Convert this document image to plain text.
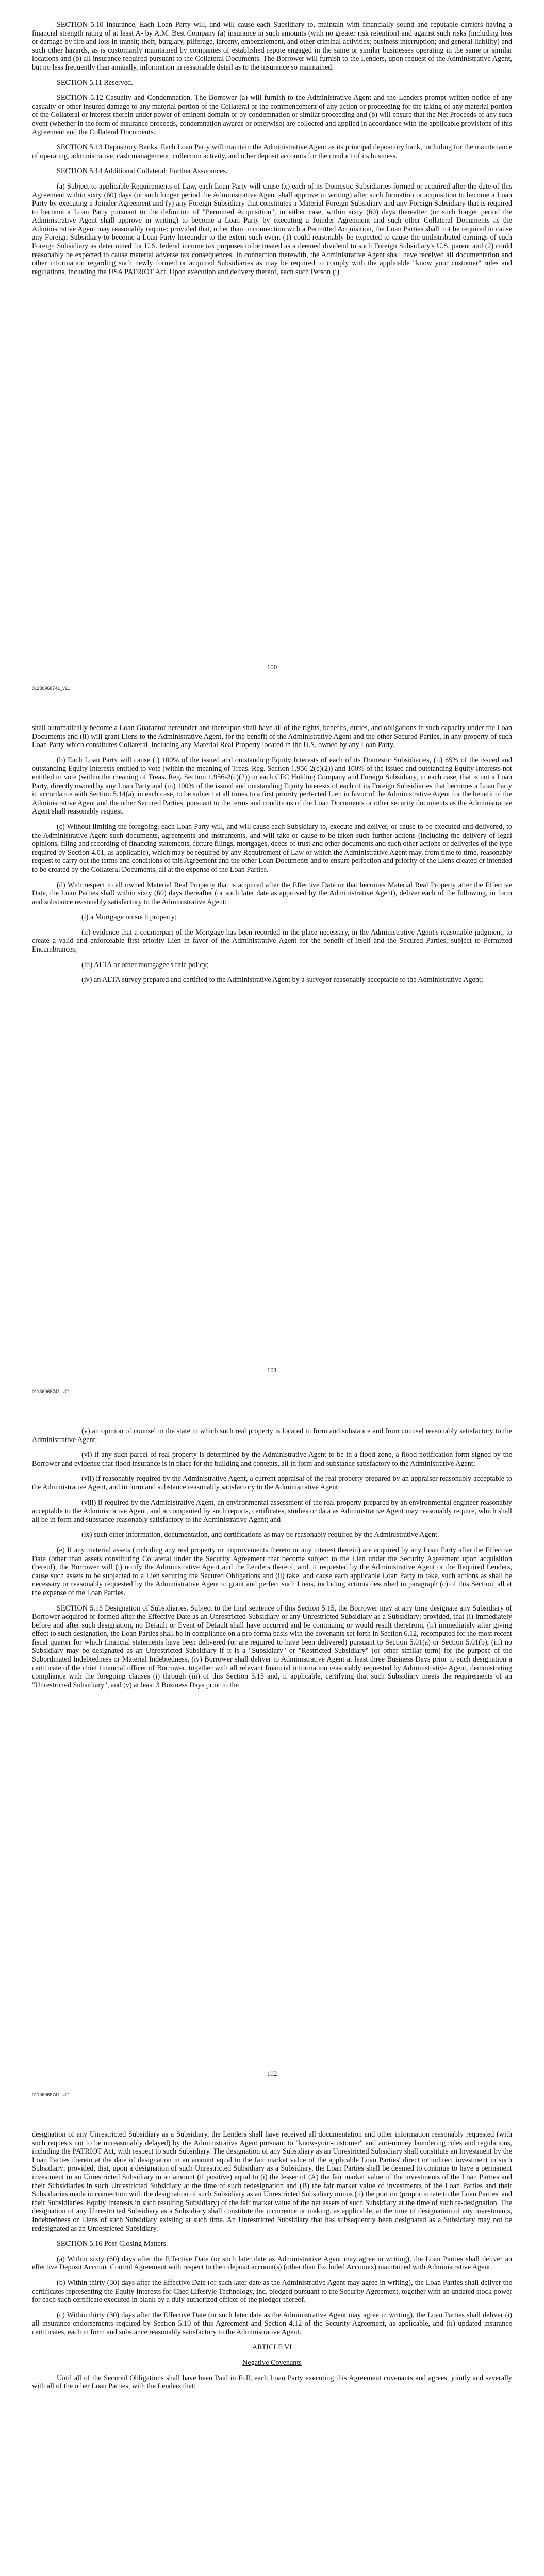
SECTION 5.10 Insurance. Each Loan Party will, and will cause each Subsidiary to, maintain with financially sound and reputable carriers having a financial strength rating of at least A- by A.M. Best Company (a) insurance in such amounts (with no greater risk retention) and against such risks (including loss or damage by fire and loss in transit; theft, burglary, pilferage, larceny, embezzlement, and other criminal activities; business interruption; and general liability) and such other hazards, as is customarily maintained by companies of established repute engaged in the same or similar businesses operating in the same or similar locations and (b) all insurance required pursuant to the Collateral Documents. The Borrower will furnish to the Lenders, upon request of the Administrative Agent, but no less frequently than annually, information in reasonable detail as to the insurance so maintained.

SECTION 5.11 Reserved.

SECTION 5.12 Casualty and Condemnation. The Borrower (a) will furnish to the Administrative Agent and the Lenders prompt written notice of any casualty or other insured damage to any material portion of the Collateral or the commencement of any action or proceeding for the taking of any material portion of the Collateral or interest therein under power of eminent domain or by condemnation or similar proceeding and (b) will ensure that the Net Proceeds of any such event (whether in the form of insurance proceeds, condemnation awards or otherwise) are collected and applied in accordance with the applicable provisions of this Agreement and the Collateral Documents.

SECTION 5.13 Depository Banks. Each Loan Party will maintain the Administrative Agent as its principal depository bank, including for the maintenance of operating, administrative, cash management, collection activity, and other deposit accounts for the conduct of its business.

SECTION 5.14 Additional Collateral; Further Assurances.

(a) Subject to applicable Requirements of Law, each Loan Party will cause (x) each of its Domestic Subsidiaries formed or acquired after the date of this Agreement within sixty (60) days (or such longer period the Administrative Agent shall approve in writing) after such formation or acquisition to become a Loan Party by executing a Joinder Agreement and (y) any Foreign Subsidiary that constitutes a Material Foreign Subsidiary and any Foreign Subsidiary that is required to become a Loan Party pursuant to the definition of "Permitted Acquisition", in either case, within sixty (60) days thereafter (or such longer period the Administrative Agent shall approve in writing) to become a Loan Party by executing a Joinder Agreement and such other Collateral Documents as the Administrative Agent may reasonably require; provided that, other than in connection with a Permitted Acquisition, the Loan Parties shall not be required to cause any Foreign Subsidiary to become a Loan Party hereunder to the extent such event (1) could reasonably be expected to cause the undistributed earnings of such Foreign Subsidiary as determined for U.S. federal income tax purposes to be treated as a deemed dividend to such Foreign Subsidiary's U.S. parent and (2) could reasonably be expected to cause material adverse tax consequences. In connection therewith, the Administrative Agent shall have received all documentation and other information regarding such newly formed or acquired Subsidiaries as may be required to comply with the applicable "know your customer" rules and regulations, including the USA PATRIOT Act. Upon execution and delivery thereof, each such Person (i)

100
01136968741_v21

shall automatically become a Loan Guarantor hereunder and thereupon shall have all of the rights, benefits, duties, and obligations in such capacity under the Loan Documents and (ii) will grant Liens to the Administrative Agent, for the benefit of the Administrative Agent and the other Secured Parties, in any property of such Loan Party which constitutes Collateral, including any Material Real Property located in the U.S. owned by any Loan Party.

(b) Each Loan Party will cause (i) 100% of the issued and outstanding Equity Interests of each of its Domestic Subsidiaries, (ii) 65% of the issued and outstanding Equity Interests entitled to vote (within the meaning of Treas. Reg. Section 1.956-2(c)(2)) and 100% of the issued and outstanding Equity Interests not entitled to vote (within the meaning of Treas. Reg. Section 1.956-2(c)(2)) in each CFC Holding Company and Foreign Subsidiary, in each case, that is not a Loan Party, directly owned by any Loan Party and (iii) 100% of the issued and outstanding Equity Interests of each of its Foreign Subsidiaries that becomes a Loan Party in accordance with Section 5.14(a), in each case, to be subject at all times to a first priority perfected Lien in favor of the Administrative Agent for the benefit of the Administrative Agent and the other Secured Parties, pursuant to the terms and conditions of the Loan Documents or other security documents as the Administrative Agent shall reasonably request.

(c) Without limiting the foregoing, each Loan Party will, and will cause each Subsidiary to, execute and deliver, or cause to be executed and delivered, to the Administrative Agent such documents, agreements and instruments, and will take or cause to be taken such further actions (including the delivery of legal opinions, filing and recording of financing statements, fixture filings, mortgages, deeds of trust and other documents and such other actions or deliveries of the type required by Section 4.01, as applicable), which may be required by any Requirement of Law or which the Administrative Agent may, from time to time, reasonably request to carry out the terms and conditions of this Agreement and the other Loan Documents and to ensure perfection and priority of the Liens created or intended to be created by the Collateral Documents, all at the expense of the Loan Parties.

(d) With respect to all owned Material Real Property that is acquired after the Effective Date or that becomes Material Real Property after the Effective Date, the Loan Parties shall within sixty (60) days thereafter (or such later date as approved by the Administrative Agent), deliver each of the following, in form and substance reasonably satisfactory to the Administrative Agent:

(i) a Mortgage on such property;

(ii) evidence that a counterpart of the Mortgage has been recorded in the place necessary, in the Administrative Agent's reasonable judgment, to create a valid and enforceable first priority Lien in favor of the Administrative Agent for the benefit of itself and the Secured Parties, subject to Permitted Encumbrances;

(iii) ALTA or other mortgagee's title policy;

(iv) an ALTA survey prepared and certified to the Administrative Agent by a surveyor reasonably acceptable to the Administrative Agent;

101
01136968741_v21

(v) an opinion of counsel in the state in which such real property is located in form and substance and from counsel reasonably satisfactory to the Administrative Agent;

(vi) if any such parcel of real property is determined by the Administrative Agent to be in a flood zone, a flood notification form signed by the Borrower and evidence that flood insurance is in place for the building and contents, all in form and substance satisfactory to the Administrative Agent;

(vii) if reasonably required by the Administrative Agent, a current appraisal of the real property prepared by an appraiser reasonably acceptable to the Administrative Agent, and in form and substance reasonably satisfactory to the Administrative Agent;

(viii) if required by the Administrative Agent, an environmental assessment of the real property prepared by an environmental engineer reasonably acceptable to the Administrative Agent, and accompanied by such reports, certificates, studies or data as Administrative Agent may reasonably require, which shall all be in form and substance reasonably satisfactory to the Administrative Agent; and

(ix) such other information, documentation, and certifications as may be reasonably required by the Administrative Agent.

(e) If any material assets (including any real property or improvements thereto or any interest therein) are acquired by any Loan Party after the Effective Date (other than assets constituting Collateral under the Security Agreement that become subject to the Lien under the Security Agreement upon acquisition thereof), the Borrower will (i) notify the Administrative Agent and the Lenders thereof, and, if requested by the Administrative Agent or the Required Lenders, cause such assets to be subjected to a Lien securing the Secured Obligations and (ii) take, and cause each applicable Loan Party to take, such actions as shall be necessary or reasonably requested by the Administrative Agent to grant and perfect such Liens, including actions described in paragraph (c) of this Section, all at the expense of the Loan Parties.

SECTION 5.15 Designation of Subsidiaries. Subject to the final sentence of this Section 5.15, the Borrower may at any time designate any Subsidiary of Borrower acquired or formed after the Effective Date as an Unrestricted Subsidiary or any Unrestricted Subsidiary as a Subsidiary; provided, that (i) immediately before and after such designation, no Default or Event of Default shall have occurred and be continuing or would result therefrom, (ii) immediately after giving effect to such designation, the Loan Parties shall be in compliance on a pro forma basis with the covenants set forth in Section 6.12, recomputed for the most recent fiscal quarter for which financial statements have been delivered (or are required to have been delivered) pursuant to Section 5.01(a) or Section 5.01(b), (iii) no Subsidiary may be designated as an Unrestricted Subsidiary if it is a "Subsidiary" or "Restricted Subsidiary" (or other similar term) for the purpose of the Subordinated Indebtedness or Material Indebtedness, (iv) Borrower shall deliver to Administrative Agent at least three Business Days prior to such designation a certificate of the chief financial officer of Borrower, together with all relevant financial information reasonably requested by Administrative Agent, demonstrating compliance with the foregoing clauses (i) through (iii) of this Section 5.15 and, if applicable, certifying that such Subsidiary meets the requirements of an "Unrestricted Subsidiary", and (v) at least 3 Business Days prior to the

102
01136968741_v21

designation of any Unrestricted Subsidiary as a Subsidiary, the Lenders shall have received all documentation and other information reasonably requested (with such requests not to be unreasonably delayed) by the Administrative Agent pursuant to "know-your-customer" and anti-money laundering rules and regulations, including the PATRIOT Act, with respect to such Subsidiary. The designation of any Subsidiary as an Unrestricted Subsidiary shall constitute an Investment by the Loan Parties therein at the date of designation in an amount equal to the fair market value of the applicable Loan Parties' direct or indirect investment in such Subsidiary; provided, that, upon a designation of such Unrestricted Subsidiary as a Subsidiary, the Loan Parties shall be deemed to continue to have a permanent investment in an Unrestricted Subsidiary in an amount (if positive) equal to (i) the lesser of (A) the fair market value of the investments of the Loan Parties and their Subsidiaries in such Unrestricted Subsidiary at the time of such redesignation and (B) the fair market value of investments of the Loan Parties and their Subsidiaries made in connection with the designation of such Subsidiary as an Unrestricted Subsidiary minus (ii) the portion (proportionate to the Loan Parties' and their Subsidiaries' Equity Interests in such resulting Subsidiary) of the fair market value of the net assets of such Subsidiary at the time of such re-designation. The designation of any Unrestricted Subsidiary as a Subsidiary shall constitute the incurrence or making, as applicable, at the time of designation of any investments, Indebtedness or Liens of such Subsidiary existing at such time. An Unrestricted Subsidiary that has subsequently been designated as a Subsidiary may not be redesignated as an Unrestricted Subsidiary.

SECTION 5.16 Post-Closing Matters.

(a) Within sixty (60) days after the Effective Date (or such later date as Administrative Agent may agree in writing), the Loan Parties shall deliver an effective Deposit Account Control Agreement with respect to their deposit account(s) (other than Excluded Accounts) maintained with Administrative Agent.

(b) Within thirty (30) days after the Effective Date (or such later date as the Administrative Agent may agree in writing), the Loan Parties shall deliver the certificates representing the Equity Interests for Cheq Lifestyle Technology, Inc. pledged pursuant to the Security Agreement, together with an undated stock power for each such certificate executed in blank by a duly authorized officer of the pledgor thereof.

(c) Within thirty (30) days after the Effective Date (or such later date as the Administrative Agent may agree in writing), the Loan Parties shall deliver (i) all insurance endorsements required by Section 5.10 of this Agreement and Section 4.12 of the Security Agreement, as applicable, and (ii) updated insurance certificates, each in form and substance reasonably satisfactory to the Administrative Agent.

ARTICLE VI

Negative Covenants

Until all of the Secured Obligations shall have been Paid in Full, each Loan Party executing this Agreement covenants and agrees, jointly and severally with all of the other Loan Parties, with the Lenders that:
